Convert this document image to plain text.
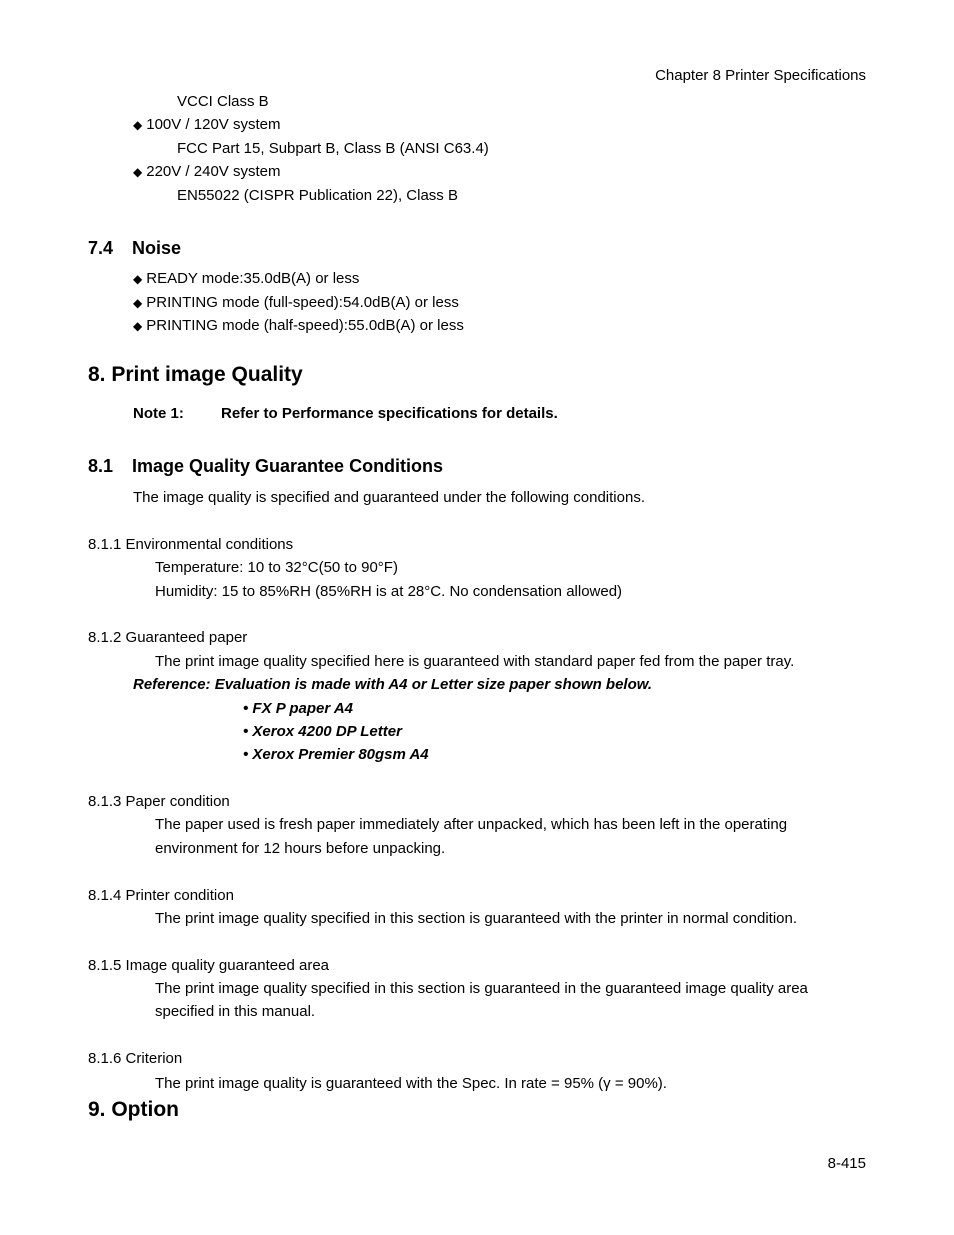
Chapter 8 Printer Specifications
VCCI Class B
◆ 100V / 120V system
FCC Part 15, Subpart B, Class B (ANSI C63.4)
◆ 220V / 240V system
EN55022 (CISPR Publication 22), Class B
7.4 Noise
◆ READY mode:35.0dB(A) or less
◆ PRINTING mode (full-speed):54.0dB(A) or less
◆ PRINTING mode (half-speed):55.0dB(A) or less
8. Print image Quality
Note 1: Refer to Performance specifications for details.
8.1 Image Quality Guarantee Conditions
The image quality is specified and guaranteed under the following conditions.
8.1.1 Environmental conditions
Temperature: 10 to 32°C(50 to 90°F)
Humidity: 15 to 85%RH (85%RH is at 28°C. No condensation allowed)
8.1.2 Guaranteed paper
The print image quality specified here is guaranteed with standard paper fed from the paper tray.
Reference: Evaluation is made with A4 or Letter size paper shown below.
• FX P paper A4
• Xerox 4200 DP Letter
• Xerox Premier 80gsm A4
8.1.3 Paper condition
The paper used is fresh paper immediately after unpacked, which has been left in the operating
environment for 12 hours before unpacking.
8.1.4 Printer condition
The print image quality specified in this section is guaranteed with the printer in normal condition.
8.1.5 Image quality guaranteed area
The print image quality specified in this section is guaranteed in the guaranteed image quality area
specified in this manual.
8.1.6 Criterion
The print image quality is guaranteed with the Spec. In rate = 95% (γ = 90%).
9. Option
8-415
